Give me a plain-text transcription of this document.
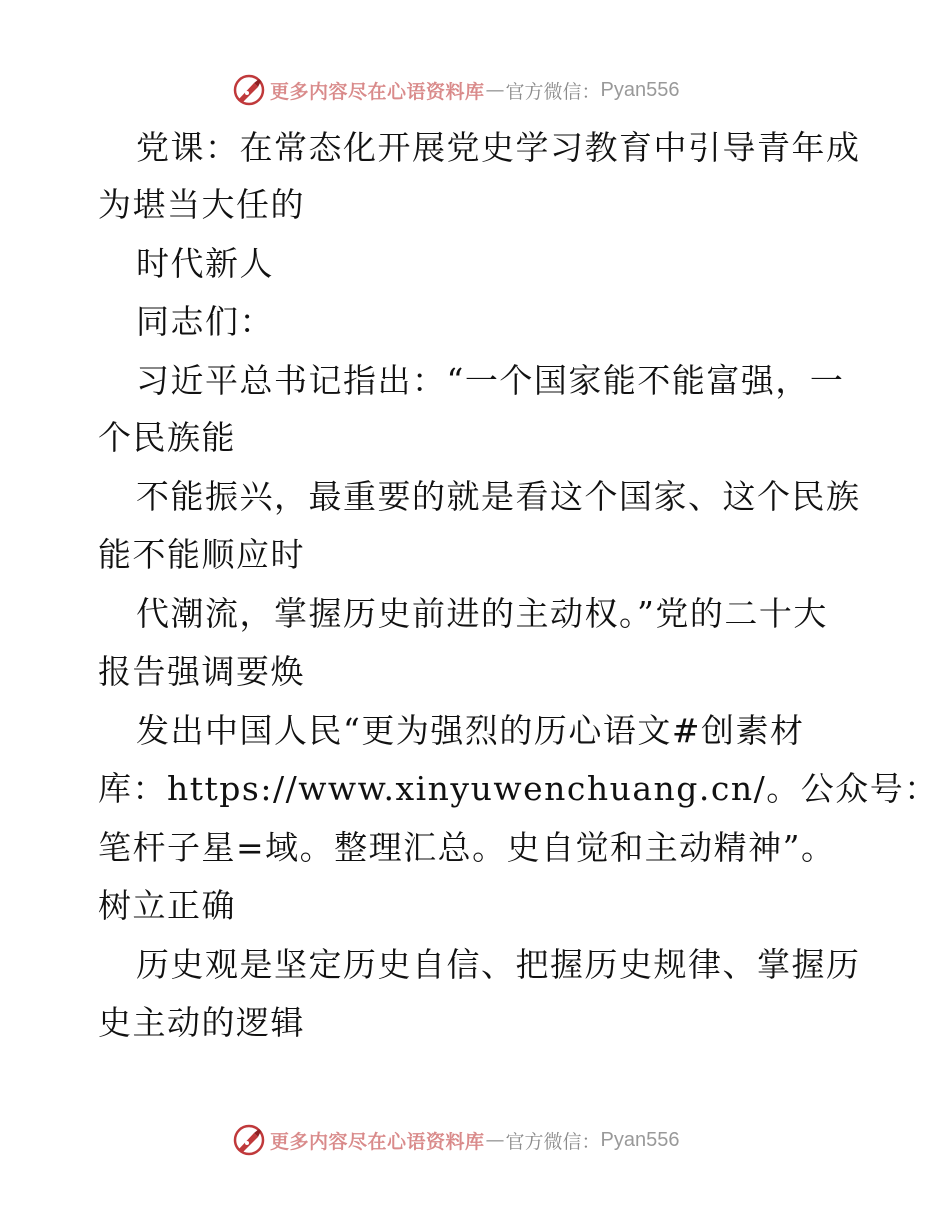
更多内容尽在心语资料库 — 官方微信： Pyan556
党课：在常态化开展党史学习教育中引导青年成
为堪当大任的
时代新人
同志们：
习近平总书记指出：“一个国家能不能富强，一
个民族能
不能振兴，最重要的就是看这个国家、这个民族
能不能顺应时
代潮流，掌握历史前进的主动权。”党的二十大
报告强调要焕
发出中国人民“更为强烈的历心语文#创素材
库：https://www.xinyuwenchuang.cn/。公众号：
笔杆子星=域。整理汇总。史自觉和主动精神”。
树立正确
历史观是坚定历史自信、把握历史规律、掌握历
史主动的逻辑
更多内容尽在心语资料库 — 官方微信： Pyan556
